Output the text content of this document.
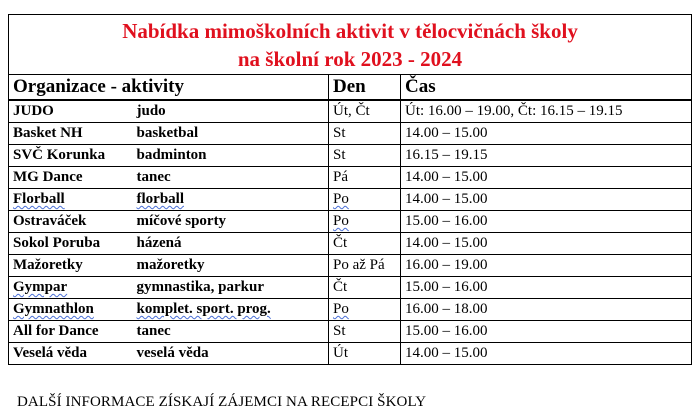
Nabídka mimoškolních aktivit v tělocvičnách školy
na školní rok 2023 - 2024			

Organizace - aktivity		Den	Čas
JUDO	judo	Út, Čt	Út: 16.00 – 19.00, Čt: 16.15 – 19.15
Basket NH	basketbal	St	14.00 – 15.00
SVČ Korunka	badminton	St	16.15 – 19.15
MG Dance	tanec	Pá	14.00 – 15.00
Florball	florball	Po	14.00 – 15.00
Ostraváček	míčové sporty	Po	15.00 – 16.00
Sokol Poruba	házená	Čt	14.00 – 15.00
Mažoretky	mažoretky	Po až Pá	16.00 – 19.00
Gympar	gymnastika, parkur	Čt	15.00 – 16.00
Gymnathlon	komplet. sport. prog.	Po	16.00 – 18.00
All for Dance	tanec	St	15.00 – 16.00
Veselá věda	veselá věda	Út	14.00 – 15.00
DALŠÍ INFORMACE ZÍSKAJÍ ZÁJEMCI NA RECEPCI ŠKOLY
